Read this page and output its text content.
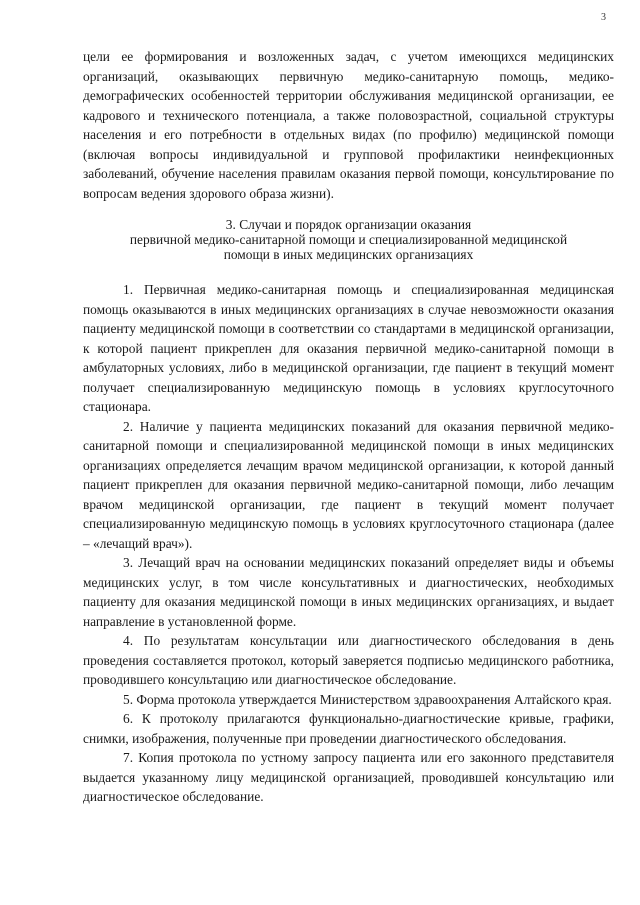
3

цели ее формирования и возложенных задач, с учетом имеющихся медицинских организаций, оказывающих первичную медико-санитарную помощь, медико-демографических особенностей территории обслуживания медицинской организации, ее кадрового и технического потенциала, а также половозрастной, социальной структуры населения и его потребности в отдельных видах (по профилю) медицинской помощи (включая вопросы индивидуальной и групповой профилактики неинфекционных заболеваний, обучение населения правилам оказания первой помощи, консультирование по вопросам ведения здорового образа жизни).

3. Случаи и порядок организации оказания
первичной медико-санитарной помощи и специализированной медицинской
помощи в иных медицинских организациях

1. Первичная медико-санитарная помощь и специализированная медицинская помощь оказываются в иных медицинских организациях в случае невозможности оказания пациенту медицинской помощи в соответствии со стандартами в медицинской организации, к которой пациент прикреплен для оказания первичной медико-санитарной помощи в амбулаторных условиях, либо в медицинской организации, где пациент в текущий момент получает специализированную медицинскую помощь в условиях круглосуточного стационара.

2. Наличие у пациента медицинских показаний для оказания первичной медико-санитарной помощи и специализированной медицинской помощи в иных медицинских организациях определяется лечащим врачом медицинской организации, к которой данный пациент прикреплен для оказания первичной медико-санитарной помощи, либо лечащим врачом медицинской организации, где пациент в текущий момент получает специализированную медицинскую помощь в условиях круглосуточного стационара (далее – «лечащий врач»).

3. Лечащий врач на основании медицинских показаний определяет виды и объемы медицинских услуг, в том числе консультативных и диагностических, необходимых пациенту для оказания медицинской помощи в иных медицинских организациях, и выдает направление в установленной форме.

4. По результатам консультации или диагностического обследования в день проведения составляется протокол, который заверяется подписью медицинского работника, проводившего консультацию или диагностическое обследование.

5. Форма протокола утверждается Министерством здравоохранения Алтайского края.

6. К протоколу прилагаются функционально-диагностические кривые, графики, снимки, изображения, полученные при проведении диагностического обследования.

7. Копия протокола по устному запросу пациента или его законного представителя выдается указанному лицу медицинской организацией, проводившей консультацию или диагностическое обследование.
